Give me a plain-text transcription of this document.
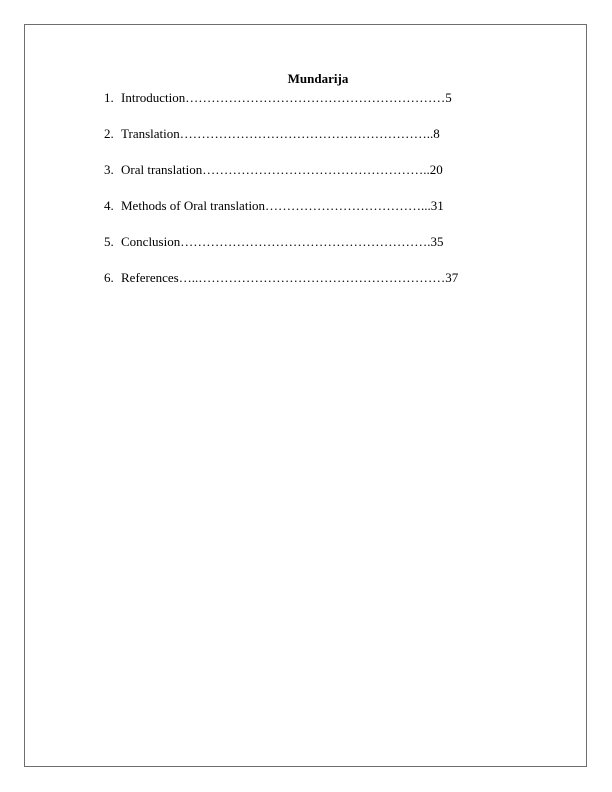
Mundarija
1. Introduction……………………………………………………5
2. Translation…………………………………………………..8
3. Oral translation……………………………………………..20
4. Methods of Oral translation………………………………...31
5. Conclusion………………………………………………….35
6. References…..…………………………………………………37
